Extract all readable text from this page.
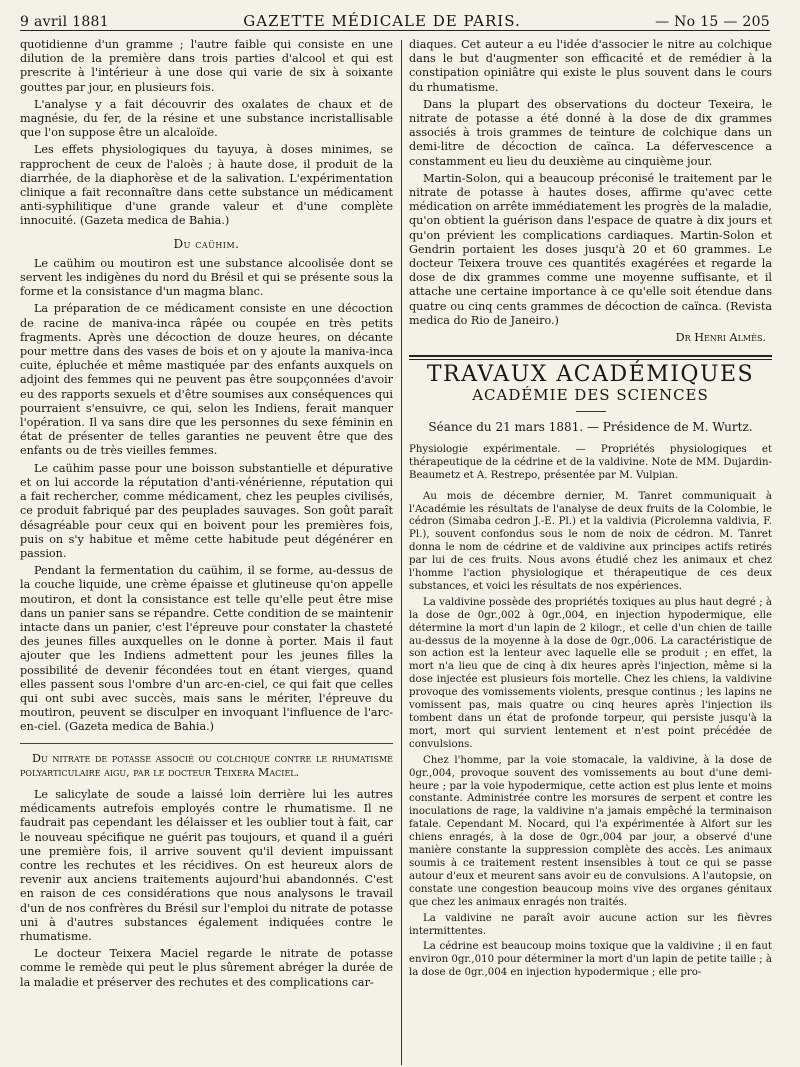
9 avril 1881	GAZETTE MÉDICALE DE PARIS.	— No 15 — 205

quotidienne d'un gramme ; l'autre faible qui consiste en une dilution de la première dans trois parties d'alcool et qui est prescrite à l'intérieur à une dose qui varie de six à soixante gouttes par jour, en plusieurs fois.

L'analyse y a fait découvrir des oxalates de chaux et de magnésie, du fer, de la résine et une substance incristallisable que l'on suppose être un alcaloïde.

Les effets physiologiques du tayuya, à doses minimes, se rapprochent de ceux de l'aloès ; à haute dose, il produit de la diarrhée, de la diaphorèse et de la salivation. L'expérimentation clinique a fait reconnaître dans cette substance un médicament anti-syphilitique d'une grande valeur et d'une complète innocuité. (Gazeta medica de Bahia.)

Du caühim.

Le caühim ou moutiron est une substance alcoolisée dont se servent les indigènes du nord du Brésil et qui se présente sous la forme et la consistance d'un magma blanc.

La préparation de ce médicament consiste en une décoction de racine de maniva-inca râpée ou coupée en très petits fragments. Après une décoction de douze heures, on décante pour mettre dans des vases de bois et on y ajoute la maniva-inca cuite, épluchée et même mastiquée par des enfants auxquels on adjoint des femmes qui ne peuvent pas être soupçonnées d'avoir eu des rapports sexuels et d'être soumises aux conséquences qui pourraient s'ensuivre, ce qui, selon les Indiens, ferait manquer l'opération. Il va sans dire que les personnes du sexe féminin en état de présenter de telles garanties ne peuvent être que des enfants ou de très vieilles femmes.

Le caühim passe pour une boisson substantielle et dépurative et on lui accorde la réputation d'anti-vénérienne, réputation qui a fait rechercher, comme médicament, chez les peuples civilisés, ce produit fabriqué par des peuplades sauvages. Son goût paraît désagréable pour ceux qui en boivent pour les premières fois, puis on s'y habitue et même cette habitude peut dégénérer en passion.

Pendant la fermentation du caühim, il se forme, au-dessus de la couche liquide, une crème épaisse et glutineuse qu'on appelle moutiron, et dont la consistance est telle qu'elle peut être mise dans un panier sans se répandre. Cette condition de se maintenir intacte dans un panier, c'est l'épreuve pour constater la chasteté des jeunes filles auxquelles on le donne à porter. Mais il faut ajouter que les Indiens admettent pour les jeunes filles la possibilité de devenir fécondées tout en étant vierges, quand elles passent sous l'ombre d'un arc-en-ciel, ce qui fait que celles qui ont subi avec succès, mais sans le mériter, l'épreuve du moutiron, peuvent se disculper en invoquant l'influence de l'arc-en-ciel. (Gazeta medica de Bahia.)

Du nitrate de potasse associé ou colchique contre le rhumatisme polyarticulaire aigu, par le docteur Teixera Maciel.

Le salicylate de soude a laissé loin derrière lui les autres médicaments autrefois employés contre le rhumatisme. Il ne faudrait pas cependant les délaisser et les oublier tout à fait, car le nouveau spécifique ne guérit pas toujours, et quand il a guéri une première fois, il arrive souvent qu'il devient impuissant contre les rechutes et les récidives. On est heureux alors de revenir aux anciens traitements aujourd'hui abandonnés. C'est en raison de ces considérations que nous analysons le travail d'un de nos confrères du Brésil sur l'emploi du nitrate de potasse uni à d'autres substances également indiquées contre le rhumatisme.

Le docteur Teixera Maciel regarde le nitrate de potasse comme le remède qui peut le plus sûrement abréger la durée de la maladie et préserver des rechutes et des complications car-

diaques. Cet auteur a eu l'idée d'associer le nitre au colchique dans le but d'augmenter son efficacité et de remédier à la constipation opiniâtre qui existe le plus souvent dans le cours du rhumatisme.

Dans la plupart des observations du docteur Texeira, le nitrate de potasse a été donné à la dose de dix grammes associés à trois grammes de teinture de colchique dans un demi-litre de décoction de caïnca. La défervescence a constamment eu lieu du deuxième au cinquième jour.

Martin-Solon, qui a beaucoup préconisé le traitement par le nitrate de potasse à hautes doses, affirme qu'avec cette médication on arrête immédiatement les progrès de la maladie, qu'on obtient la guérison dans l'espace de quatre à dix jours et qu'on prévient les complications cardiaques. Martin-Solon et Gendrin portaient les doses jusqu'à 20 et 60 grammes. Le docteur Teixera trouve ces quantités exagérées et regarde la dose de dix grammes comme une moyenne suffisante, et il attache une certaine importance à ce qu'elle soit étendue dans quatre ou cinq cents grammes de décoction de caïnca. (Revista medica do Rio de Janeiro.)

Dr Henri Almès.
TRAVAUX ACADÉMIQUES
ACADÉMIE DES SCIENCES
Séance du 21 mars 1881. — Présidence de M. Wurtz.

Physiologie expérimentale. — Propriétés physiologiques et thérapeutique de la cédrine et de la valdivine. Note de MM. Dujardin-Beaumetz et A. Restrepo, présentée par M. Vulpian.

Au mois de décembre dernier, M. Tanret communiquait à l'Académie les résultats de l'analyse de deux fruits de la Colombie, le cédron (Simaba cedron J.-E. Pl.) et la valdivia (Picrolemna valdivia, F. Pl.), souvent confondus sous le nom de noix de cédron. M. Tanret donna le nom de cédrine et de valdivine aux principes actifs retirés par lui de ces fruits. Nous avons étudié chez les animaux et chez l'homme l'action physiologique et thérapeutique de ces deux substances, et voici les résultats de nos expériences.

La valdivine possède des propriétés toxiques au plus haut degré ; à la dose de 0gr.,002 à 0gr.,004, en injection hypodermique, elle détermine la mort d'un lapin de 2 kilogr., et celle d'un chien de taille au-dessus de la moyenne à la dose de 0gr.,006. La caractéristique de son action est la lenteur avec laquelle elle se produit ; en effet, la mort n'a lieu que de cinq à dix heures après l'injection, même si la dose injectée est plusieurs fois mortelle. Chez les chiens, la valdivine provoque des vomissements violents, presque continus ; les lapins ne vomissent pas, mais quatre ou cinq heures après l'injection ils tombent dans un état de profonde torpeur, qui persiste jusqu'à la mort, mort qui survient lentement et n'est point précédée de convulsions.

Chez l'homme, par la voie stomacale, la valdivine, à la dose de 0gr.,004, provoque souvent des vomissements au bout d'une demi-heure ; par la voie hypodermique, cette action est plus lente et moins constante. Administrée contre les morsures de serpent et contre les inoculations de rage, la valdivine n'a jamais empêché la terminaison fatale. Cependant M. Nocard, qui l'a expérimentée à Alfort sur les chiens enragés, à la dose de 0gr.,004 par jour, a observé d'une manière constante la suppression complète des accès. Les animaux soumis à ce traitement restent insensibles à tout ce qui se passe autour d'eux et meurent sans avoir eu de convulsions. A l'autopsie, on constate une congestion beaucoup moins vive des organes génitaux que chez les animaux enragés non traités.

La valdivine ne paraît avoir aucune action sur les fièvres intermittentes.

La cédrine est beaucoup moins toxique que la valdivine ; il en faut environ 0gr.,010 pour déterminer la mort d'un lapin de petite taille ; à la dose de 0gr.,004 en injection hypodermique ; elle pro-
